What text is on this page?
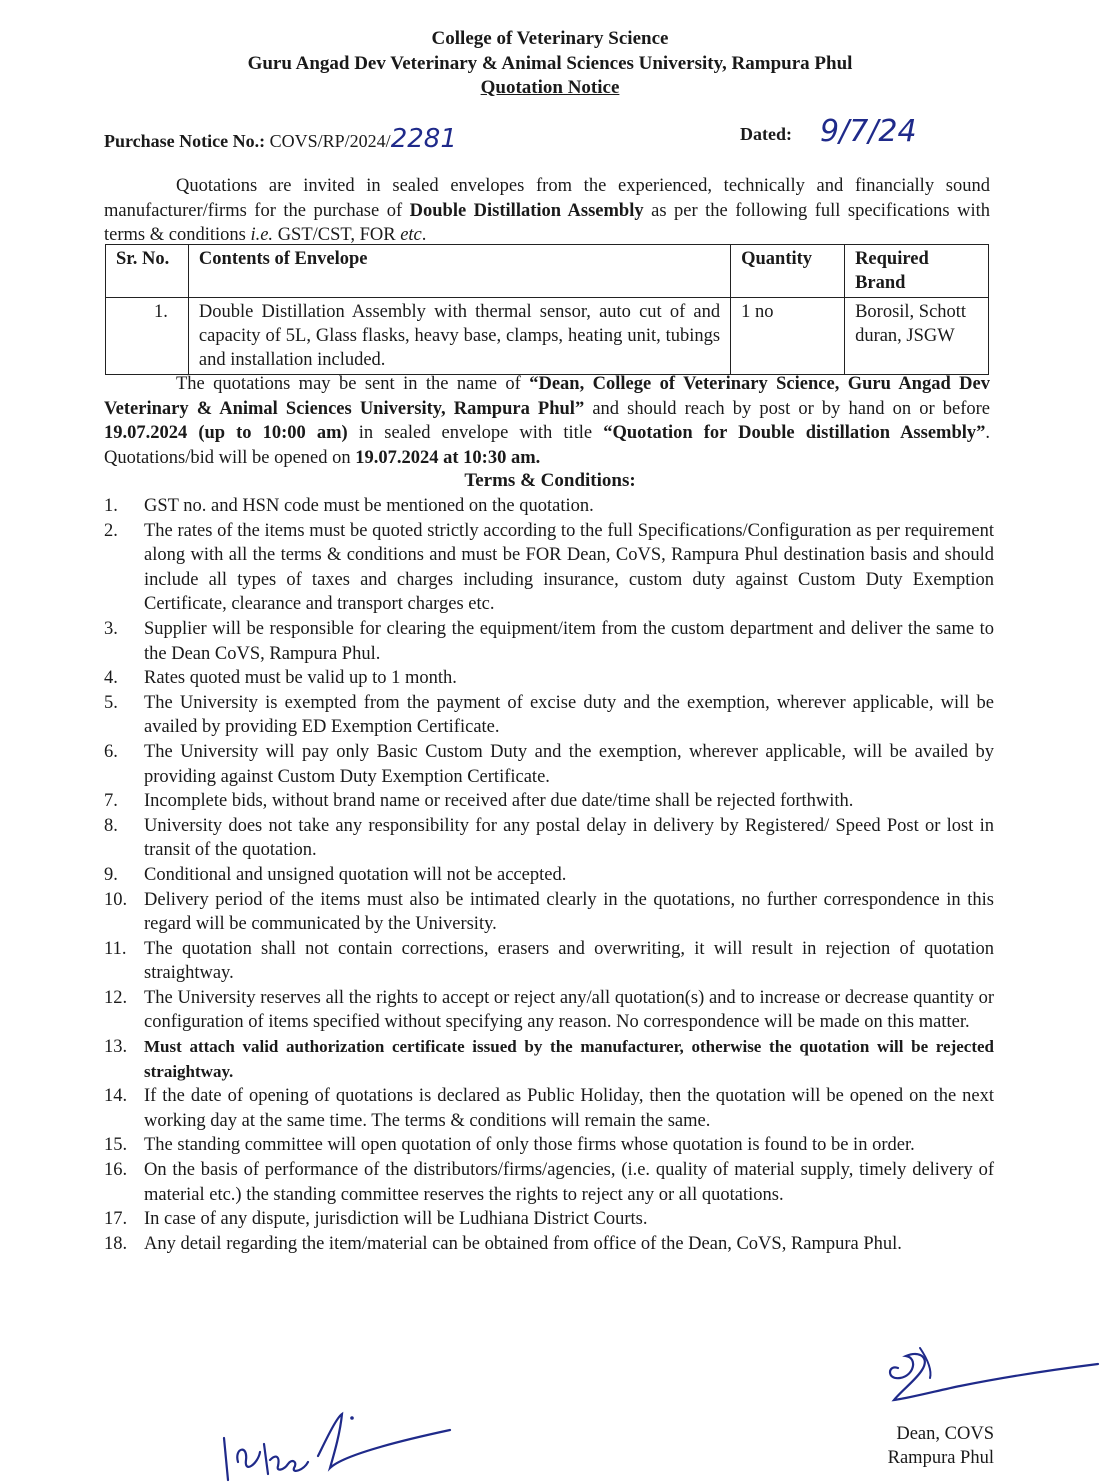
College of Veterinary Science
Guru Angad Dev Veterinary & Animal Sciences University, Rampura Phul
Quotation Notice
Purchase Notice No.: COVS/RP/2024/2281	Dated: 9/7/24
Quotations are invited in sealed envelopes from the experienced, technically and financially sound manufacturer/firms for the purchase of Double Distillation Assembly as per the following full specifications with terms & conditions i.e. GST/CST, FOR etc.
Sr. No.	Contents of Envelope	Quantity	Required Brand
1.	Double Distillation Assembly with thermal sensor, auto cut of and capacity of 5L, Glass flasks, heavy base, clamps, heating unit, tubings and installation included.	1 no	Borosil, Schott duran, JSGW
The quotations may be sent in the name of “Dean, College of Veterinary Science, Guru Angad Dev Veterinary & Animal Sciences University, Rampura Phul” and should reach by post or by hand on or before 19.07.2024 (up to 10:00 am) in sealed envelope with title “Quotation for Double distillation Assembly”. Quotations/bid will be opened on 19.07.2024 at 10:30 am.
Terms & Conditions:
1.	GST no. and HSN code must be mentioned on the quotation.
2.	The rates of the items must be quoted strictly according to the full Specifications/Configuration as per requirement along with all the terms & conditions and must be FOR Dean, CoVS, Rampura Phul destination basis and should include all types of taxes and charges including insurance, custom duty against Custom Duty Exemption Certificate, clearance and transport charges etc.
3.	Supplier will be responsible for clearing the equipment/item from the custom department and deliver the same to the Dean CoVS, Rampura Phul.
4.	Rates quoted must be valid up to 1 month.
5.	The University is exempted from the payment of excise duty and the exemption, wherever applicable, will be availed by providing ED Exemption Certificate.
6.	The University will pay only Basic Custom Duty and the exemption, wherever applicable, will be availed by providing against Custom Duty Exemption Certificate.
7.	Incomplete bids, without brand name or received after due date/time shall be rejected forthwith.
8.	University does not take any responsibility for any postal delay in delivery by Registered/ Speed Post or lost in transit of the quotation.
9.	Conditional and unsigned quotation will not be accepted.
10. Delivery period of the items must also be intimated clearly in the quotations, no further correspondence in this regard will be communicated by the University.
11. The quotation shall not contain corrections, erasers and overwriting, it will result in rejection of quotation straightway.
12. The University reserves all the rights to accept or reject any/all quotation(s) and to increase or decrease quantity or configuration of items specified without specifying any reason. No correspondence will be made on this matter.
13. Must attach valid authorization certificate issued by the manufacturer, otherwise the quotation will be rejected straightway.
14. If the date of opening of quotations is declared as Public Holiday, then the quotation will be opened on the next working day at the same time. The terms & conditions will remain the same.
15. The standing committee will open quotation of only those firms whose quotation is found to be in order.
16. On the basis of performance of the distributors/firms/agencies, (i.e. quality of material supply, timely delivery of material etc.) the standing committee reserves the rights to reject any or all quotations.
17. In case of any dispute, jurisdiction will be Ludhiana District Courts.
18. Any detail regarding the item/material can be obtained from office of the Dean, CoVS, Rampura Phul.
Dean, COVS
Rampura Phul
